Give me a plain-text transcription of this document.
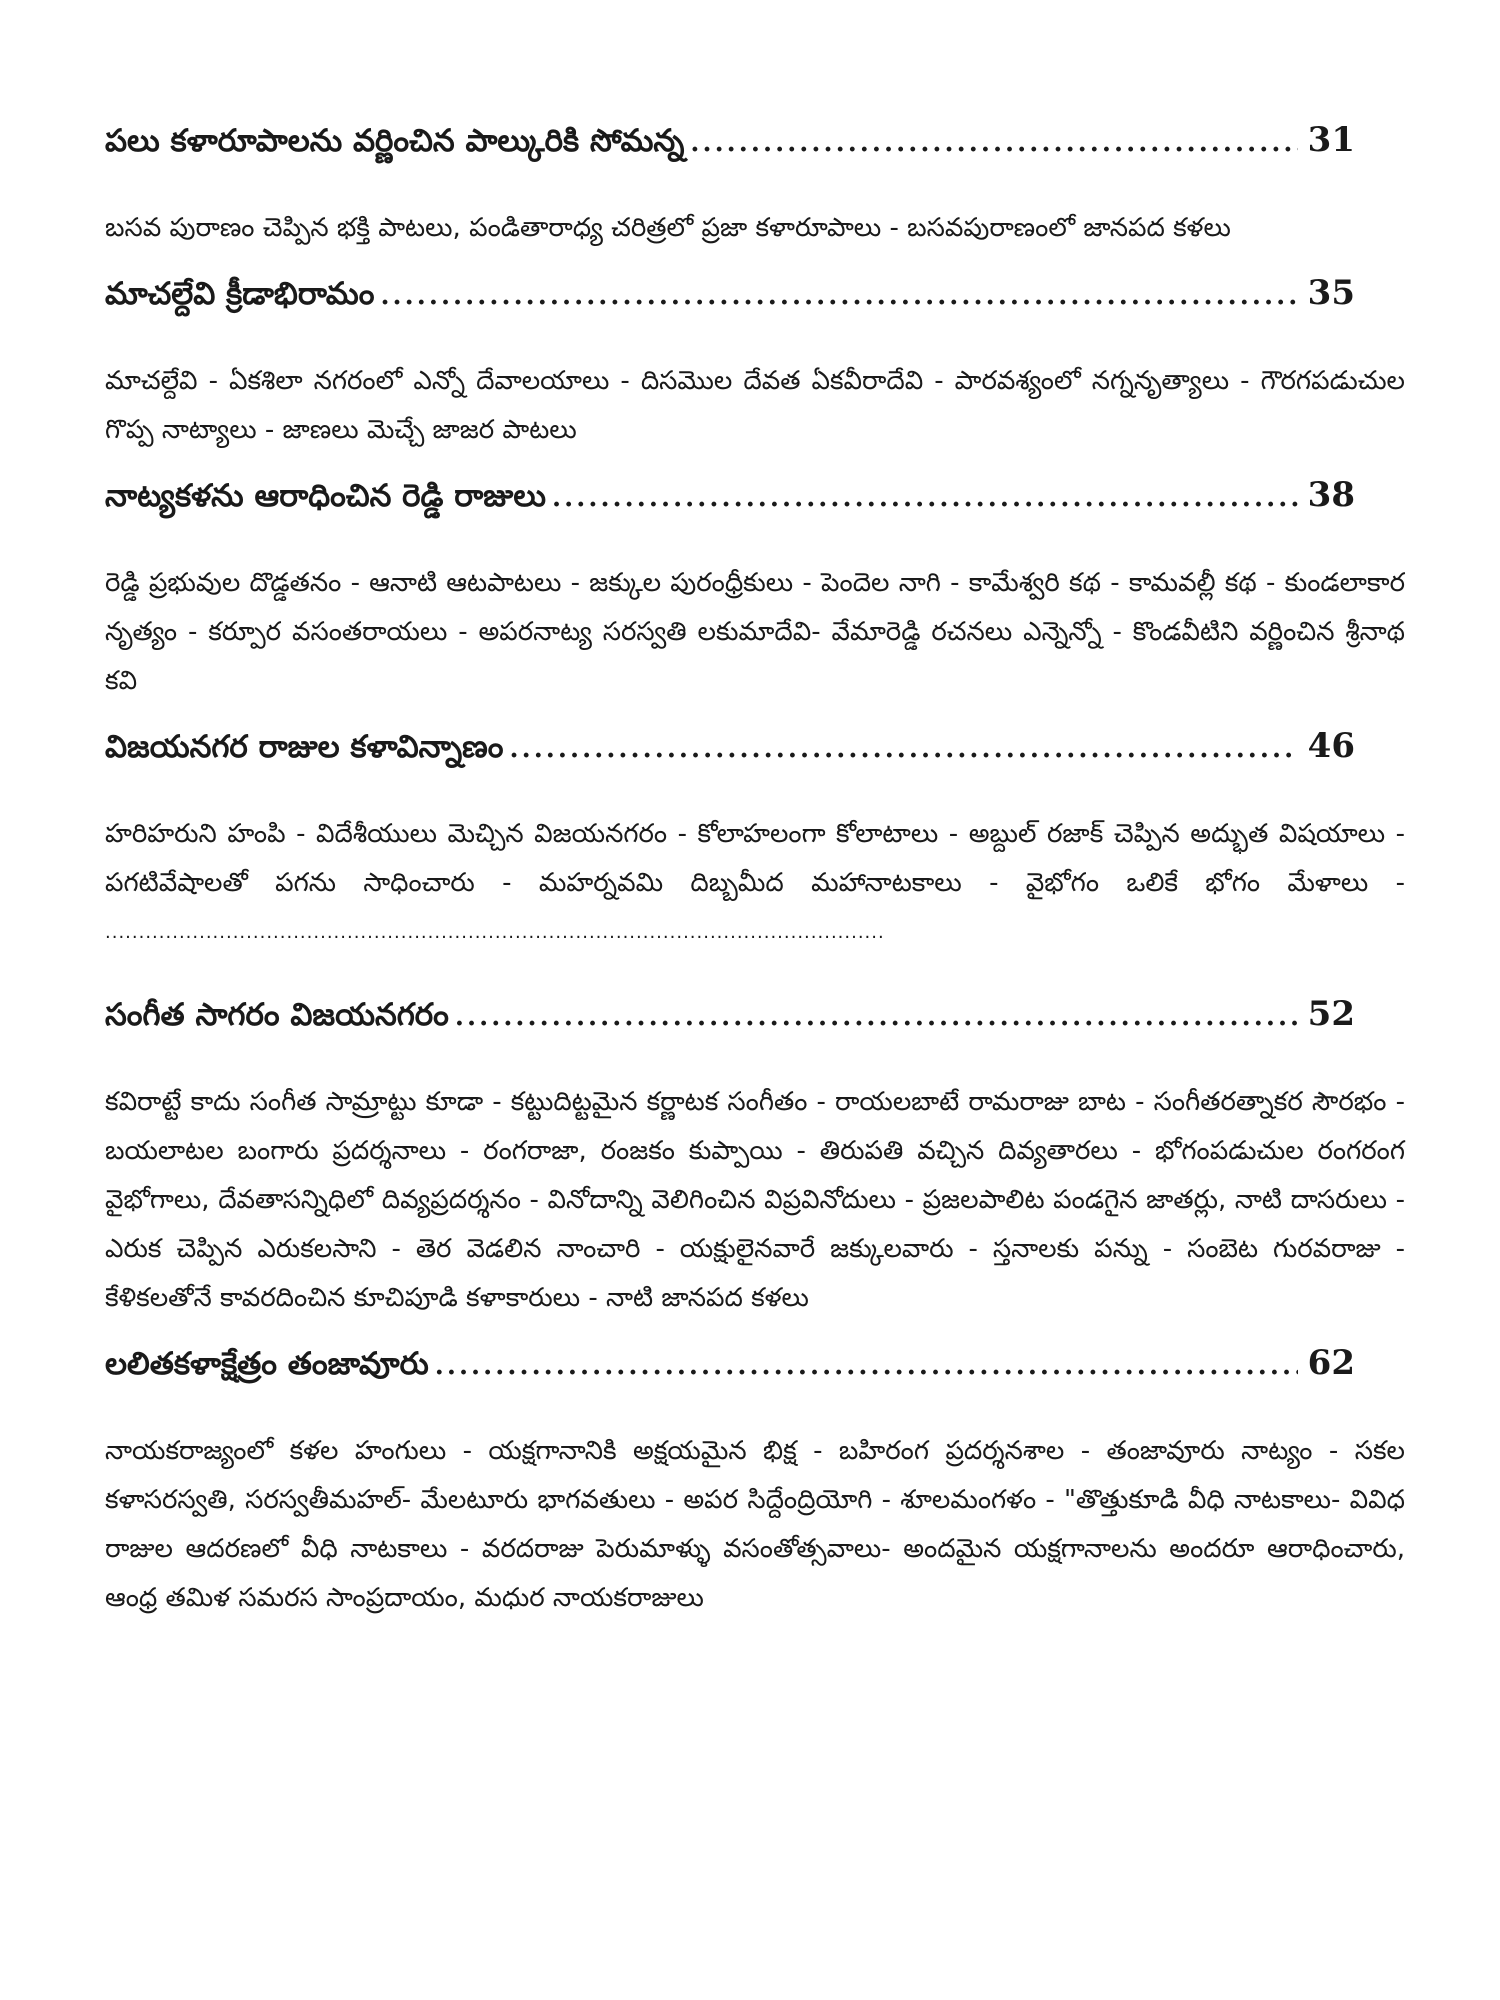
పలు కళారూపాలను వర్ణించిన పాల్కురికి సోమన్న . . .	31

బసవ పురాణం చెప్పిన భక్తి పాటలు, పండితారాధ్య చరిత్రలో ప్రజా కళారూపాలు - బసవపురాణంలో జానపద కళలు

మాచల్దేవి క్రీడాభిరామం . . .	35

మాచల్దేవి - ఏకశిలా నగరంలో ఎన్నో దేవాలయాలు - దిసమొల దేవత ఏకవీరాదేవి - పారవశ్యంలో నగ్ననృత్యాలు - గౌరగపడుచుల గొప్ప నాట్యాలు - జాణలు మెచ్చే జాజర పాటలు

నాట్యకళను ఆరాధించిన రెడ్డి రాజులు . . .	38

రెడ్డి ప్రభువుల దొడ్డతనం - ఆనాటి ఆటపాటలు - జక్కుల పురంధ్రీకులు - పెందెల నాగి - కామేశ్వరి కథ - కామవల్లీ కథ - కుండలాకార నృత్యం - కర్పూర వసంతరాయలు - అపరనాట్య సరస్వతి లకుమాదేవి- వేమారెడ్డి రచనలు ఎన్నెన్నో - కొండవీటిని వర్ణించిన శ్రీనాథ కవి

విజయనగర రాజుల కళావిన్నాణం . . .	46

హరిహరుని హంపి - విదేశీయులు మెచ్చిన విజయనగరం - కోలాహలంగా కోలాటాలు - అబ్దుల్ రజాక్ చెప్పిన అద్భుత విషయాలు - పగటివేషాలతో పగను సాధించారు - మహర్నవమి దిబ్బమీద మహానాటకాలు - వైభోగం ఒలికే భోగం మేళాలు - .....

సంగీత సాగరం విజయనగరం . . .	52

కవిరాట్టే కాదు సంగీత సామ్రాట్టు కూడా - కట్టుదిట్టమైన కర్ణాటక సంగీతం - రాయలబాటే రామరాజు బాట - సంగీతరత్నాకర సౌరభం - బయలాటల బంగారు ప్రదర్శనాలు - రంగరాజా, రంజకం కుప్పాయి - తిరుపతి వచ్చిన దివ్యతారలు - భోగంపడుచుల రంగరంగ వైభోగాలు, దేవతాసన్నిధిలో దివ్యప్రదర్శనం - వినోదాన్ని వెలిగించిన విప్రవినోదులు - ప్రజలపాలిట పండగైన జాతర్లు, నాటి దాసరులు - ఎరుక చెప్పిన ఎరుకలసాని - తెర వెడలిన నాంచారి - యక్షులైనవారే జక్కులవారు - స్తనాలకు పన్ను - సంబెట గురవరాజు - కేళికలతోనే కావరదించిన కూచిపూడి కళాకారులు - నాటి జానపద కళలు

లలితకళాక్షేత్రం తంజావూరు . . .	62

నాయకరాజ్యంలో కళల హంగులు - యక్షగానానికి అక్షయమైన భిక్ష - బహిరంగ ప్రదర్శనశాల - తంజావూరు నాట్యం - సకల కళాసరస్వతి, సరస్వతీమహల్- మేలటూరు భాగవతులు - అపర సిద్దేంద్రియోగి - శూలమంగళం - "తొత్తుకూడి వీధి నాటకాలు- వివిధ రాజుల ఆదరణలో వీధి నాటకాలు - వరదరాజు పెరుమాళ్ళు వసంతోత్సవాలు- అందమైన యక్షగానాలను అందరూ ఆరాధించారు, ఆంధ్ర తమిళ సమరస సాంప్రదాయం, మధుర నాయకరాజులు
